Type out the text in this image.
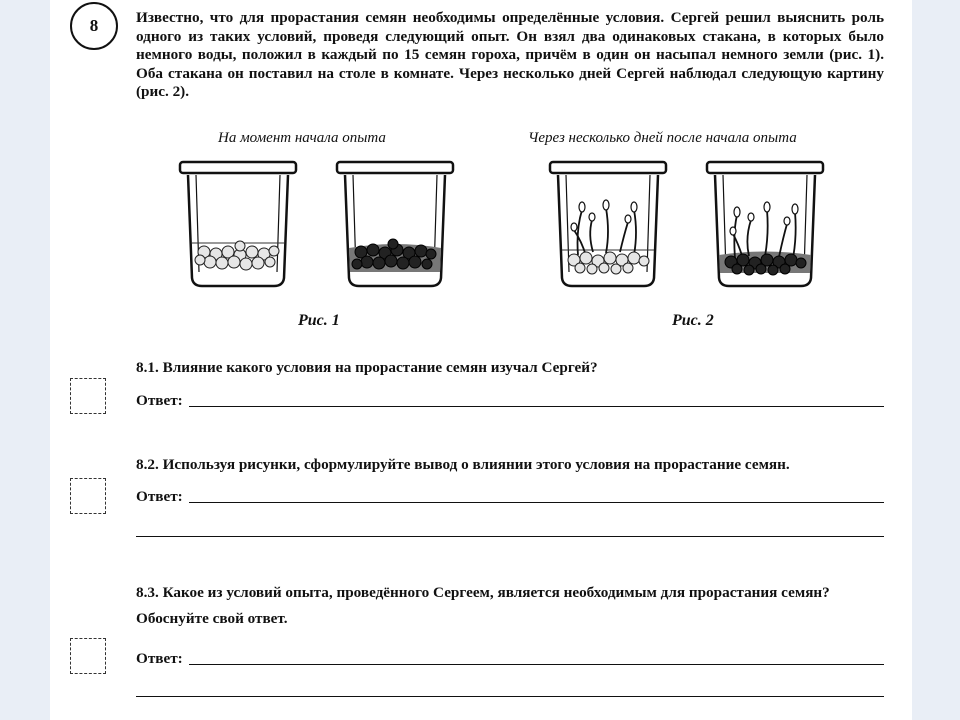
8	Известно, что для прорастания семян необходимы определённые условия. Сергей решил выяснить роль одного из таких условий, проведя следующий опыт. Он взял два одинаковых стакана, в которых было немного воды, положил в каждый по 15 семян гороха, причём в один он насыпал немного земли (рис. 1). Оба стакана он поставил на столе в комнате. Через несколько дней Сергей наблюдал следующую картину (рис. 2).
На момент начала опыта
Рис. 1
Через несколько дней после начала опыта
Рис. 2
8.1. Влияние какого условия на прорастание семян изучал Сергей?
Ответ:
8.2. Используя рисунки, сформулируйте вывод о влиянии этого условия на прорастание семян.
Ответ:
8.3. Какое из условий опыта, проведённого Сергеем, является необходимым для прорастания семян? Обоснуйте свой ответ.
Ответ:
